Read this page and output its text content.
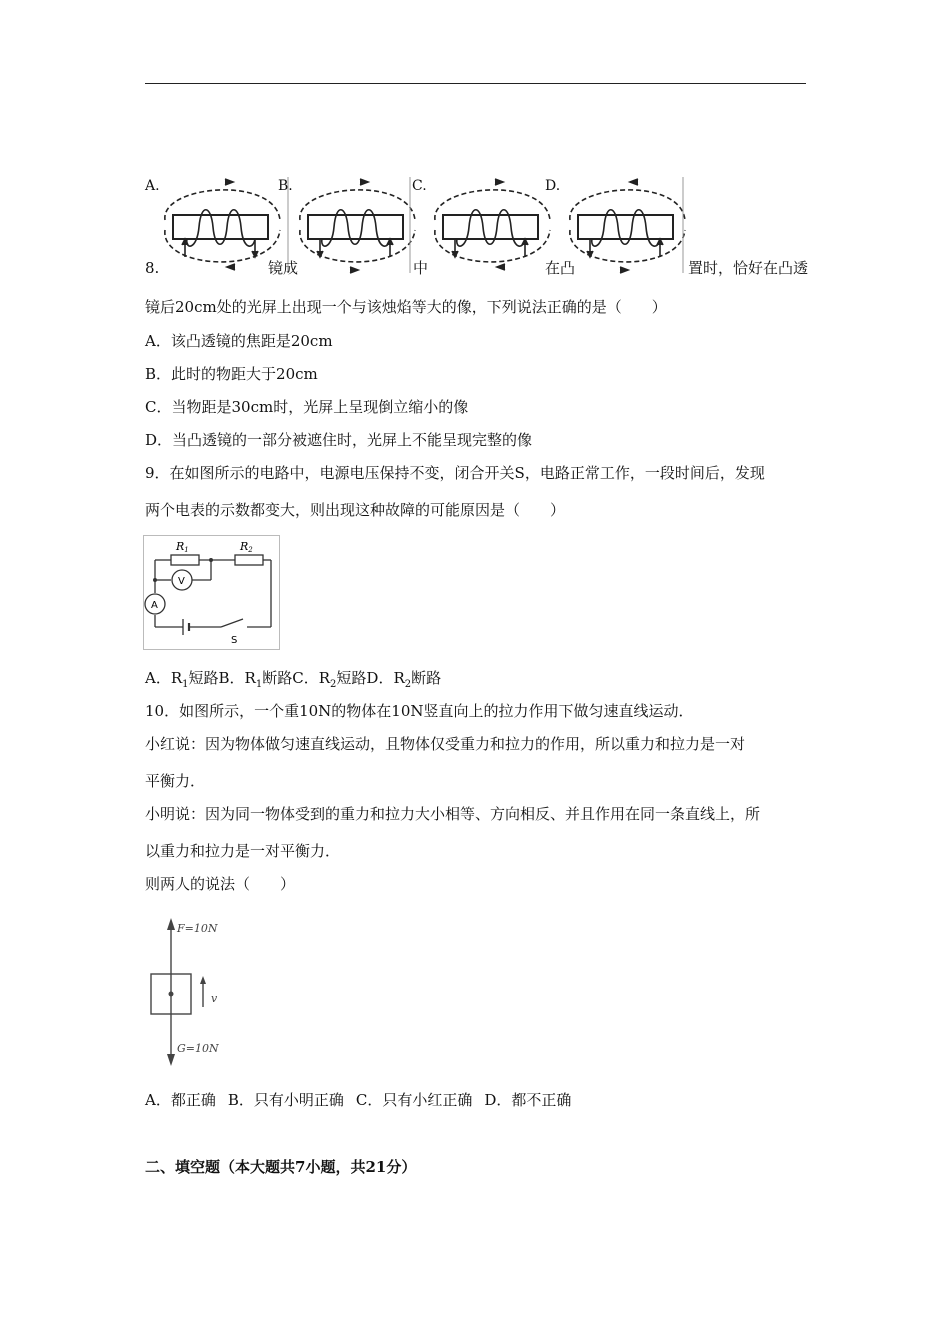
A.	B.	C.	D.
8.	镜成	中	在凸	置时，恰好在凸透
镜后20cm处的光屏上出现一个与该烛焰等大的像，下列说法正确的是（　　）
A．该凸透镜的焦距是20cm
B．此时的物距大于20cm
C．当物距是30cm时，光屏上呈现倒立缩小的像
D．当凸透镜的一部分被遮住时，光屏上不能呈现完整的像
9．在如图所示的电路中，电源电压保持不变，闭合开关S，电路正常工作，一段时间后，发现
两个电表的示数都变大，则出现这种故障的可能原因是（　　）
R1	R2
V
A
S
A．$R_1$短路B．$R_1$断路C．$R_2$短路D．$R_2$断路
10．如图所示，一个重10N的物体在10N竖直向上的拉力作用下做匀速直线运动．
小红说：因为物体做匀速直线运动，且物体仅受重力和拉力的作用，所以重力和拉力是一对
平衡力．
小明说：因为同一物体受到的重力和拉力大小相等、方向相反、并且作用在同一条直线上，所
以重力和拉力是一对平衡力．
则两人的说法（　　）
F=10N
v
G=10N
A．都正确 B．只有小明正确 C．只有小红正确 D．都不正确
二、填空题（本大题共7小题，共21分）
